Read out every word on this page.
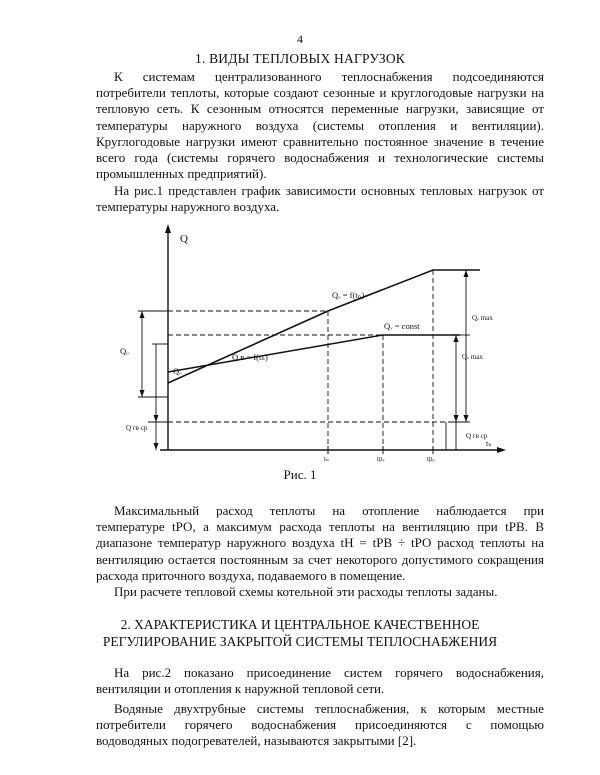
4
1. ВИДЫ ТЕПЛОВЫХ НАГРУЗОК
К системам централизованного теплоснабжения подсоединяются
потребители теплоты, которые создают сезонные и круглогодовые нагрузки на
тепловую сеть. К сезонным относятся переменные нагрузки, зависящие от
температуры наружного воздуха (системы отопления и вентиляции).
Круглогодовые нагрузки имеют сравнительно постоянное значение в течение
всего года (системы горячего водоснабжения и технологические системы
промышленных предприятий).
На рис.1 представлен график зависимости основных тепловых нагрузок от
температуры наружного воздуха.
Q
tₙ
Qₒ
Qₒ
Qₒ = f(tₙ)
Q в = f(tₙ)
Qᵥ = const
Qₒ max
Qᵥ max
Q гв ср
Q гв ср
tₙ	tрᵥ	tрₒ
Рис. 1
Максимальный расход теплоты на отопление наблюдается при
температуре tРО, а максимум расхода теплоты на вентиляцию при tРВ. В
диапазоне температур наружного воздуха tН = tРВ ÷ tРО расход теплоты на
вентиляцию остается постоянным за счет некоторого допустимого сокращения
расхода приточного воздуха, подаваемого в помещение.
При расчете тепловой схемы котельной эти расходы теплоты заданы.
2. ХАРАКТЕРИСТИКА И ЦЕНТРАЛЬНОЕ КАЧЕСТВЕННОЕ
РЕГУЛИРОВАНИЕ ЗАКРЫТОЙ СИСТЕМЫ ТЕПЛОСНАБЖЕНИЯ
На рис.2 показано присоединение систем горячего водоснабжения,
вентиляции и отопления к наружной тепловой сети.
Водяные двухтрубные системы теплоснабжения, к которым местные
потребители горячего водоснабжения присоединяются с помощью
водоводяных подогревателей, называются закрытыми [2].
